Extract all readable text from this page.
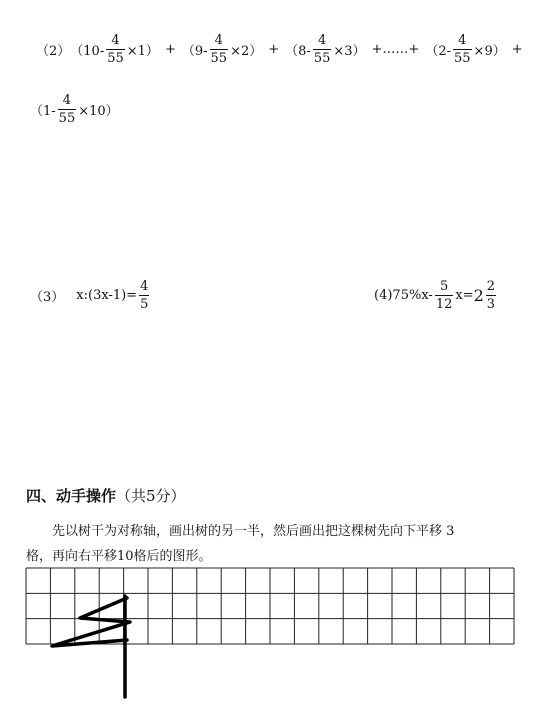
（2） $(10- \frac{4}{55} \times 1) + (9- \frac{4}{55} \times 2) + (8- \frac{4}{55} \times 3)$ +……+ $(2- \frac{4}{55} \times 9)$ +
$(1- \frac{4}{55} \times 10)$
（3） x:(3x-1)= $\frac{4}{5}$	(4) $75\%x- \frac{5}{12} x= 2 \frac{2}{3}$
四、动手操作（共5分）
先以树干为对称轴，画出树的另一半，然后画出把这棵树先向下平移 3
格，再向右平移10格后的图形。
